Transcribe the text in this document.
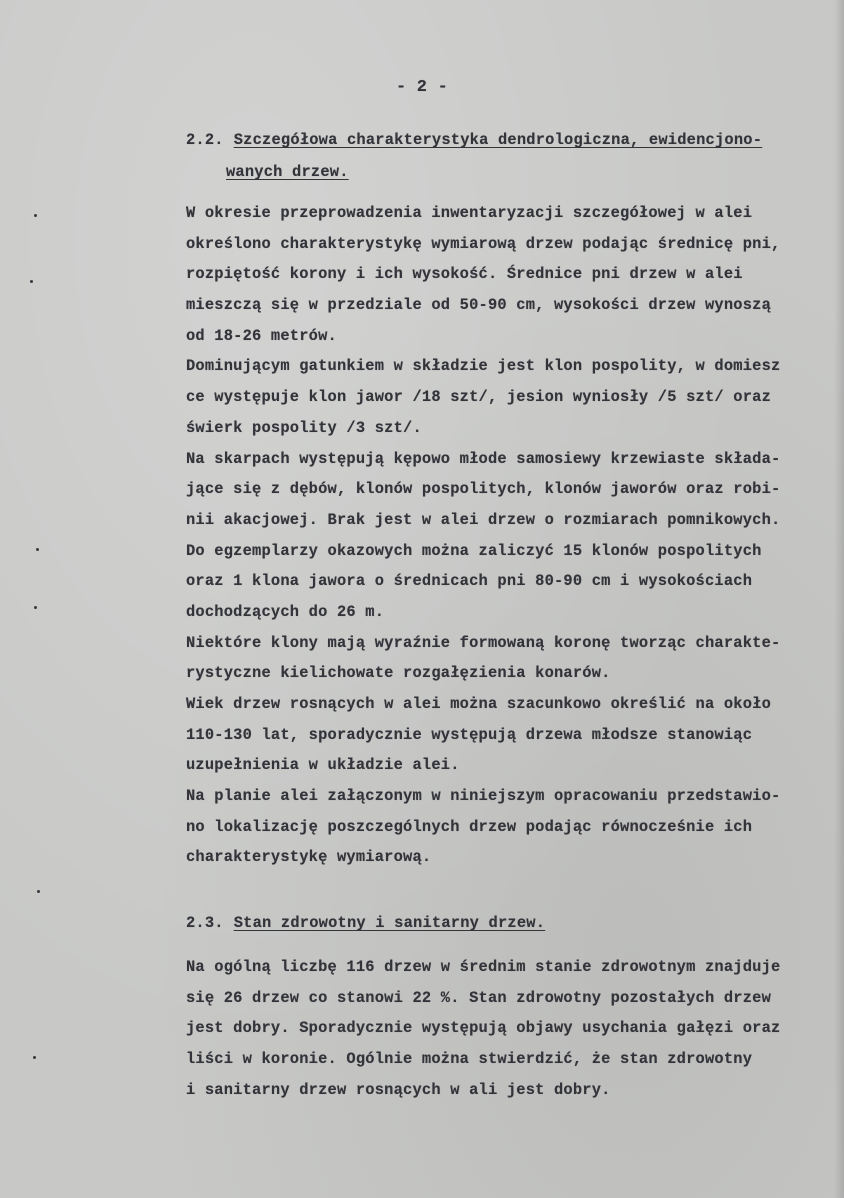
- 2 -
2.2. Szczegółowa charakterystyka dendrologiczna, ewidencjono-
wanych drzew.
W okresie przeprowadzenia inwentaryzacji szczegółowej w alei
określono charakterystykę wymiarową drzew podając średnicę pni,
rozpiętość korony i ich wysokość. Średnice pni drzew w alei
mieszczą się w przedziale od 50-90 cm, wysokości drzew wynoszą
od 18-26 metrów.
Dominującym gatunkiem w składzie jest klon pospolity, w domiesz
ce występuje klon jawor /18 szt/, jesion wyniosły /5 szt/ oraz
świerk pospolity /3 szt/.
Na skarpach występują kępowo młode samosiewy krzewiaste składa-
jące się z dębów, klonów pospolitych, klonów jaworów oraz robi-
nii akacjowej. Brak jest w alei drzew o rozmiarach pomnikowych.
Do egzemplarzy okazowych można zaliczyć 15 klonów pospolitych
oraz 1 klona jawora o średnicach pni 80-90 cm i wysokościach
dochodzących do 26 m.
Niektóre klony mają wyraźnie formowaną koronę tworząc charakte-
rystyczne kielichowate rozgałęzienia konarów.
Wiek drzew rosnących w alei można szacunkowo określić na około
110-130 lat, sporadycznie występują drzewa młodsze stanowiąc
uzupełnienia w układzie alei.
Na planie alei załączonym w niniejszym opracowaniu przedstawio-
no lokalizację poszczególnych drzew podając równocześnie ich
charakterystykę wymiarową.
2.3. Stan zdrowotny i sanitarny drzew.
Na ogólną liczbę 116 drzew w średnim stanie zdrowotnym znajduje
się 26 drzew co stanowi 22 %. Stan zdrowotny pozostałych drzew
jest dobry. Sporadycznie występują objawy usychania gałęzi oraz
liści w koronie. Ogólnie można stwierdzić, że stan zdrowotny
i sanitarny drzew rosnących w ali jest dobry.
